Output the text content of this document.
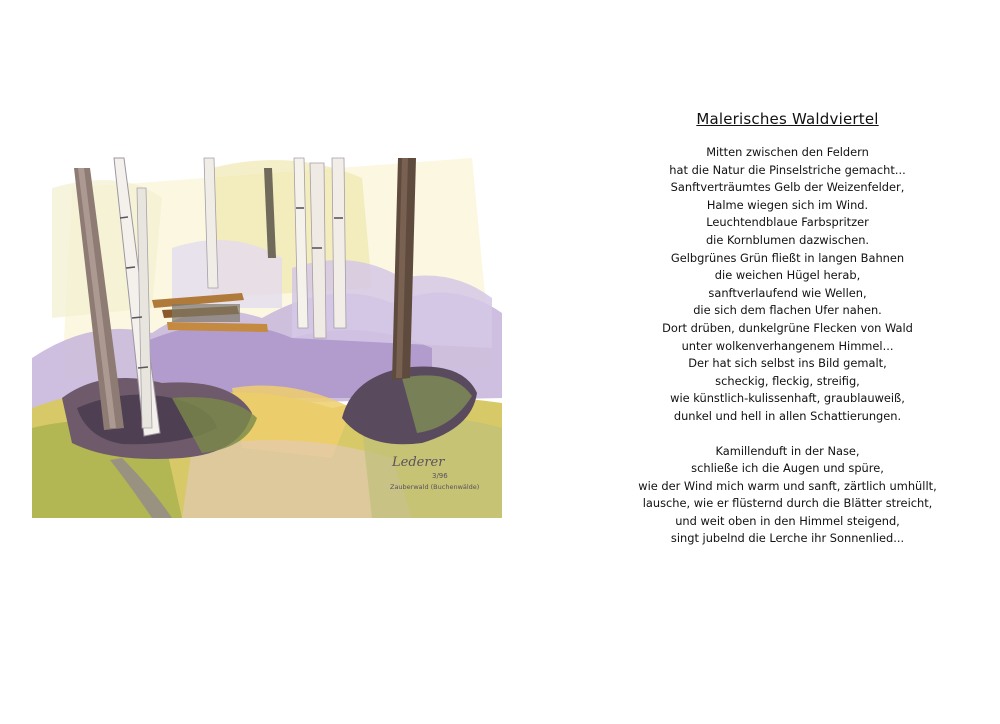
Lederer
3/96
Zauberwald (Buchenwälde)
Malerisches Waldviertel
Mitten zwischen den Feldern
hat die Natur die Pinselstriche gemacht...
Sanftverträumtes Gelb der Weizenfelder,
Halme wiegen sich im Wind.
Leuchtendblaue Farbspritzer
die Kornblumen dazwischen.
Gelbgrünes Grün fließt in langen Bahnen
die weichen Hügel herab,
sanftverlaufend wie Wellen,
die sich dem flachen Ufer nahen.
Dort drüben, dunkelgrüne Flecken von Wald
unter wolkenverhangenem Himmel...
Der hat sich selbst ins Bild gemalt,
scheckig, fleckig, streifig,
wie künstlich-kulissenhaft, graublauweiß,
dunkel und hell in allen Schattierungen.
Kamillenduft in der Nase,
schließe ich die Augen und spüre,
wie der Wind mich warm und sanft, zärtlich umhüllt,
lausche, wie er flüsternd durch die Blätter streicht,
und weit oben in den Himmel steigend,
singt jubelnd die Lerche ihr Sonnenlied...
